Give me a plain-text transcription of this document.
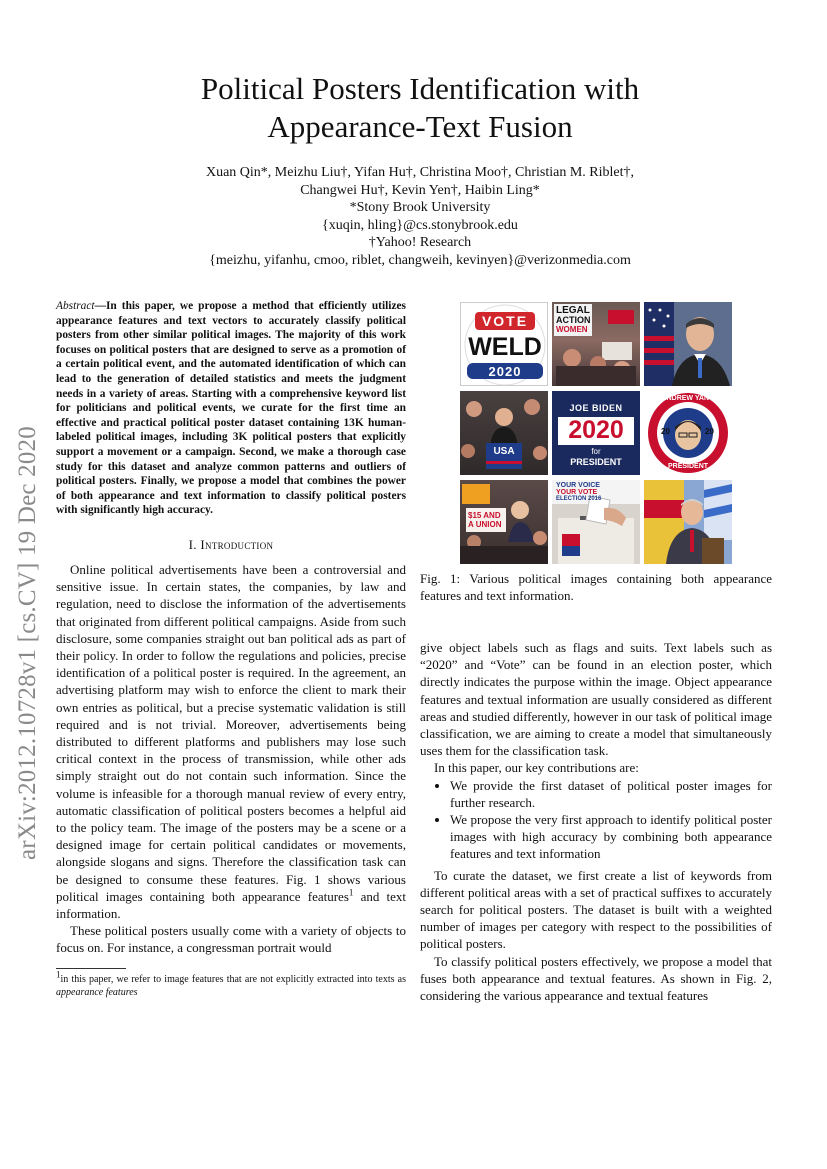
arXiv:2012.10728v1 [cs.CV] 19 Dec 2020
Political Posters Identification with Appearance-Text Fusion
Xuan Qin*, Meizhu Liu†, Yifan Hu†, Christina Moo†, Christian M. Riblet†,
Changwei Hu†, Kevin Yen†, Haibin Ling*
*Stony Brook University
{xuqin, hling}@cs.stonybrook.edu
†Yahoo! Research
{meizhu, yifanhu, cmoo, riblet, changweih, kevinyen}@verizonmedia.com
Abstract—In this paper, we propose a method that efficiently utilizes appearance features and text vectors to accurately classify political posters from other similar political images. The majority of this work focuses on political posters that are designed to serve as a promotion of a certain political event, and the automated identification of which can lead to the generation of detailed statistics and meets the judgment needs in a variety of areas. Starting with a comprehensive keyword list for politicians and political events, we curate for the first time an effective and practical political poster dataset containing 13K human-labeled political images, including 3K political posters that explicitly support a movement or a campaign. Second, we make a thorough case study for this dataset and analyze common patterns and outliers of political posters. Finally, we propose a model that combines the power of both appearance and text information to classify political posters with significantly high accuracy.
I. Introduction

Online political advertisements have been a controversial and sensitive issue. In certain states, the companies, by law and regulation, need to disclose the information of the advertisements that originated from different political campaigns. Aside from such disclosure, some companies straight out ban political ads as part of their policy. In order to follow the regulations and policies, precise identification of a political poster is required. In the agreement, an advertising platform may wish to enforce the client to mark their own entries as political, but a precise systematic validation is still required and is not trivial. Moreover, advertisements being distributed to different platforms and publishers may lose such critical context in the process of transmission, while other ads simply straight out do not contain such information. Since the volume is infeasible for a thorough manual review of every entry, automatic classification of political posters becomes a helpful aid to the policy team. The image of the posters may be a scene or a designed image for certain political candidates or movements, alongside slogans and signs. Therefore the classification task can be designed to consume these features. Fig. 1 shows various political images containing both appearance features$^1$ and text information.

These political posters usually come with a variety of objects to focus on. For instance, a congressman portrait would

$^1$in this paper, we refer to image features that are not explicitly extracted into texts as appearance features
VOTE
WELD
2020
LEGAL
ACTION
WOMEN
USA
JOE BIDEN
2020
for
PRESIDENT
ANDREW YANG
PRESIDENT
20	20
$15 AND
A UNION
YOUR VOICE
YOUR VOTE
ELECTION 2016
Fig. 1: Various political images containing both appearance features and text information.

give object labels such as flags and suits. Text labels such as “2020” and “Vote” can be found in an election poster, which directly indicates the purpose within the image. Object appearance features and textual information are usually considered as different areas and studied differently, however in our task of political image classification, we are aiming to create a model that simultaneously uses them for the classification task.

In this paper, our key contributions are:

• We provide the first dataset of political poster images for further research.
• We propose the very first approach to identify political poster images with high accuracy by combining both appearance features and text information

To curate the dataset, we first create a list of keywords from different political areas with a set of practical suffixes to accurately search for political posters. The dataset is built with a weighted number of images per category with respect to the possibilities of political posters.

To classify political posters effectively, we propose a model that fuses both appearance and textual features. As shown in Fig. 2, considering the various appearance and textual features
